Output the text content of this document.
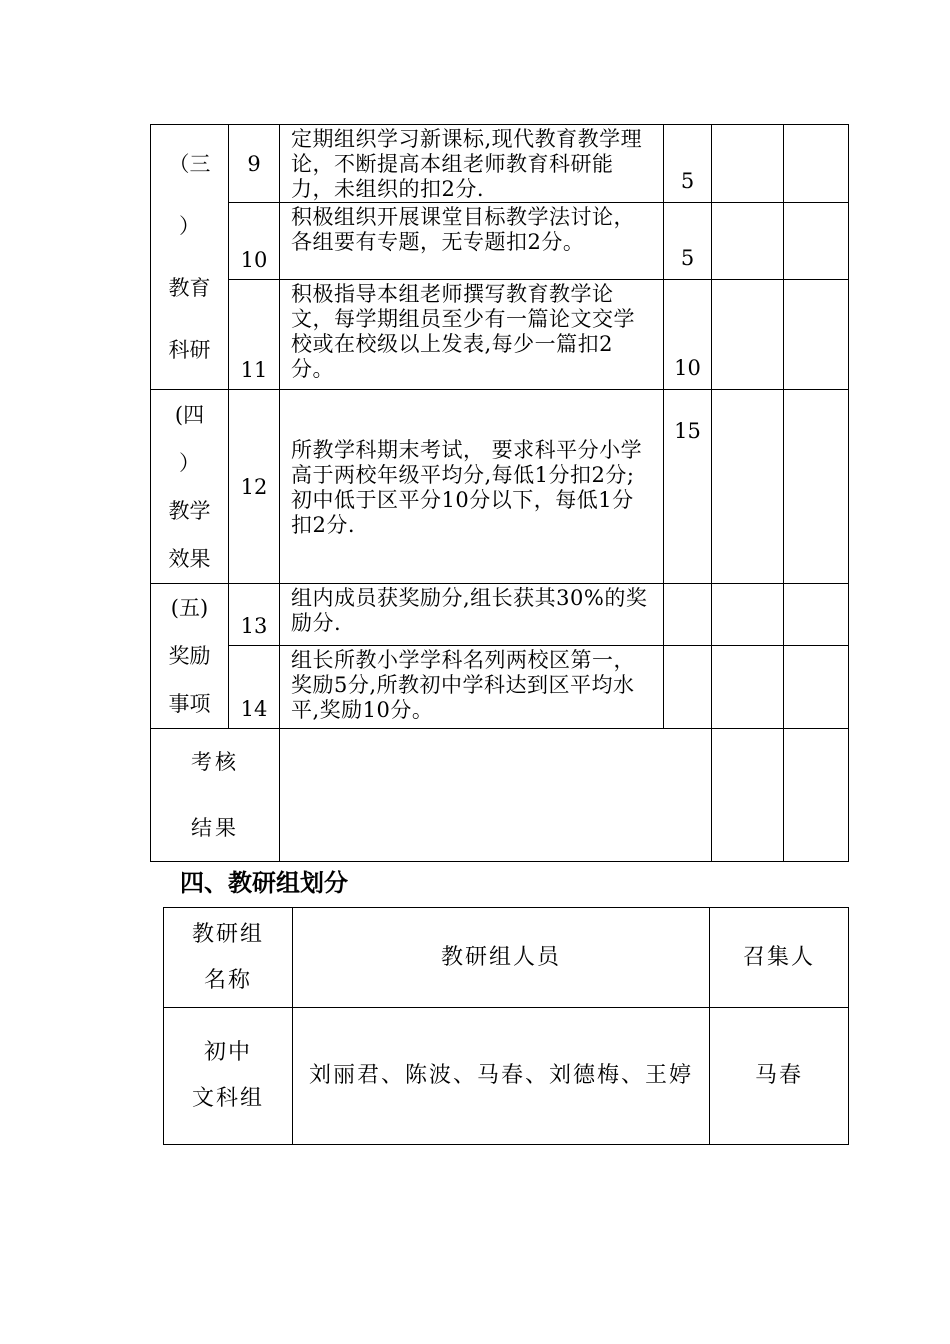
（三
）
教育
科研	9	定期组织学习新课标,现代教育教学理论，不断提高本组老师教育科研能力，未组织的扣2分.	5		
	10	积极组织开展课堂目标教学法讨论，各组要有专题，无专题扣2分。	5		
	11	积极指导本组老师撰写教育教学论文，每学期组员至少有一篇论文交学校或在校级以上发表,每少一篇扣2分。	10		

(四
）
教学
效果	12	所教学科期末考试， 要求科平分小学高于两校年级平均分,每低1分扣2分;初中低于区平分10分以下，每低1分扣2分.	15		

(五)
奖励
事项	13	组内成员获奖励分,组长获其30%的奖励分.			
	14	组长所教小学学科名列两校区第一，奖励5分,所教初中学科达到区平均水平,奖励10分。			

考核
结果					

四、教研组划分
教研组
名称	教研组人员	召集人

初中
文科组	刘丽君、陈波、马春、刘德梅、王婷	马春
